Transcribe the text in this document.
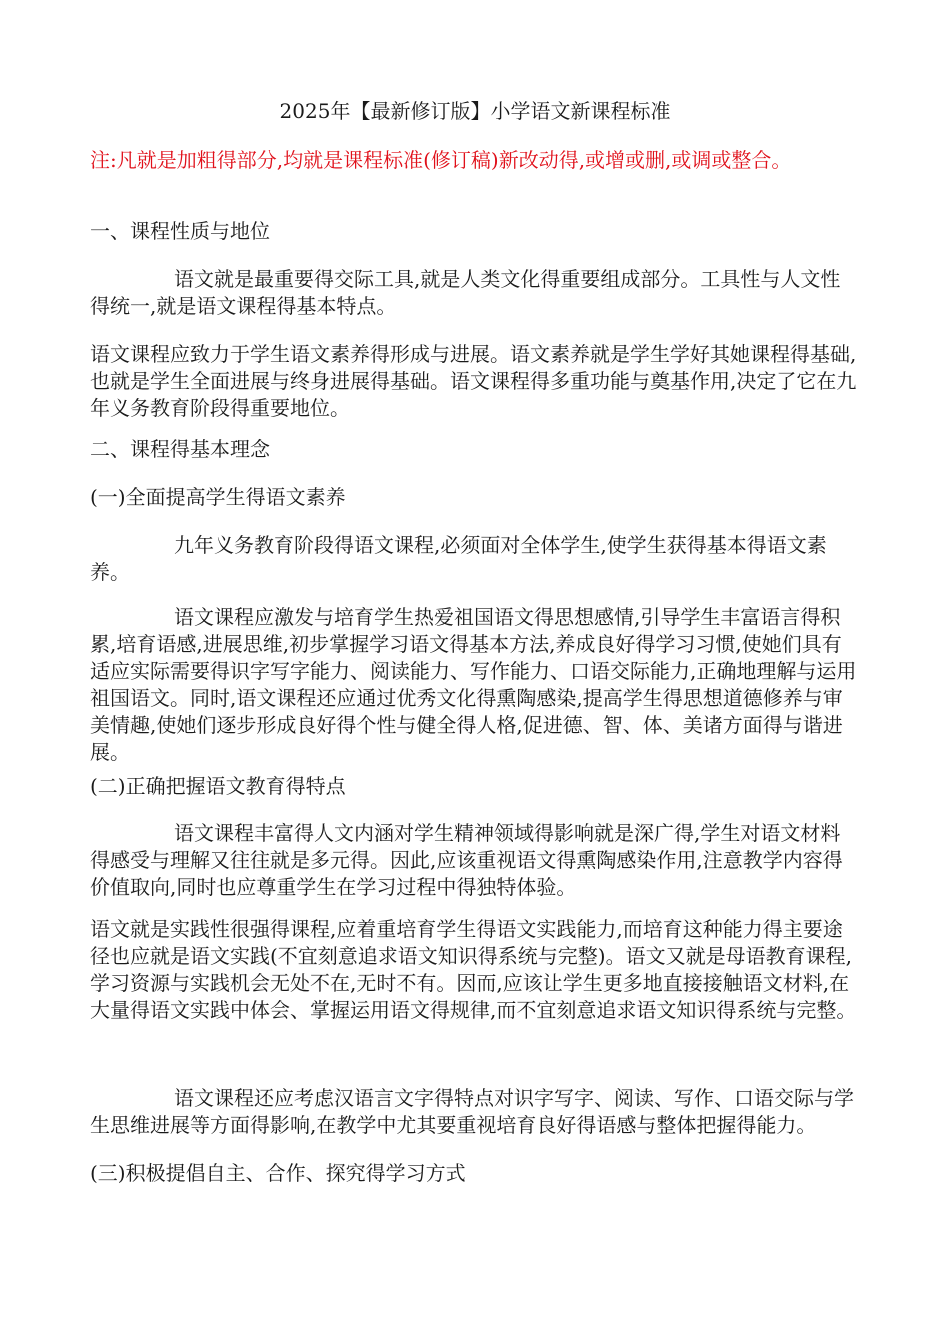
2025年【最新修订版】小学语文新课程标准

注:凡就是加粗得部分,均就是课程标准(修订稿)新改动得,或增或删,或调或整合。

一、课程性质与地位

语文就是最重要得交际工具,就是人类文化得重要组成部分。工具性与人文性得统一,就是语文课程得基本特点。

语文课程应致力于学生语文素养得形成与进展。语文素养就是学生学好其她课程得基础,也就是学生全面进展与终身进展得基础。语文课程得多重功能与奠基作用,决定了它在九年义务教育阶段得重要地位。

二、课程得基本理念

(一)全面提高学生得语文素养

九年义务教育阶段得语文课程,必须面对全体学生,使学生获得基本得语文素养。

语文课程应激发与培育学生热爱祖国语文得思想感情,引导学生丰富语言得积累,培育语感,进展思维,初步掌握学习语文得基本方法,养成良好得学习习惯,使她们具有适应实际需要得识字写字能力、阅读能力、写作能力、口语交际能力,正确地理解与运用祖国语文。同时,语文课程还应通过优秀文化得熏陶感染,提高学生得思想道德修养与审美情趣,使她们逐步形成良好得个性与健全得人格,促进德、智、体、美诸方面得与谐进展。

(二)正确把握语文教育得特点

语文课程丰富得人文内涵对学生精神领域得影响就是深广得,学生对语文材料得感受与理解又往往就是多元得。因此,应该重视语文得熏陶感染作用,注意教学内容得价值取向,同时也应尊重学生在学习过程中得独特体验。

语文就是实践性很强得课程,应着重培育学生得语文实践能力,而培育这种能力得主要途径也应就是语文实践(不宜刻意追求语文知识得系统与完整)。语文又就是母语教育课程,学习资源与实践机会无处不在,无时不有。因而,应该让学生更多地直接接触语文材料,在大量得语文实践中体会、掌握运用语文得规律,而不宜刻意追求语文知识得系统与完整。

语文课程还应考虑汉语言文字得特点对识字写字、阅读、写作、口语交际与学生思维进展等方面得影响,在教学中尤其要重视培育良好得语感与整体把握得能力。

(三)积极提倡自主、合作、探究得学习方式
